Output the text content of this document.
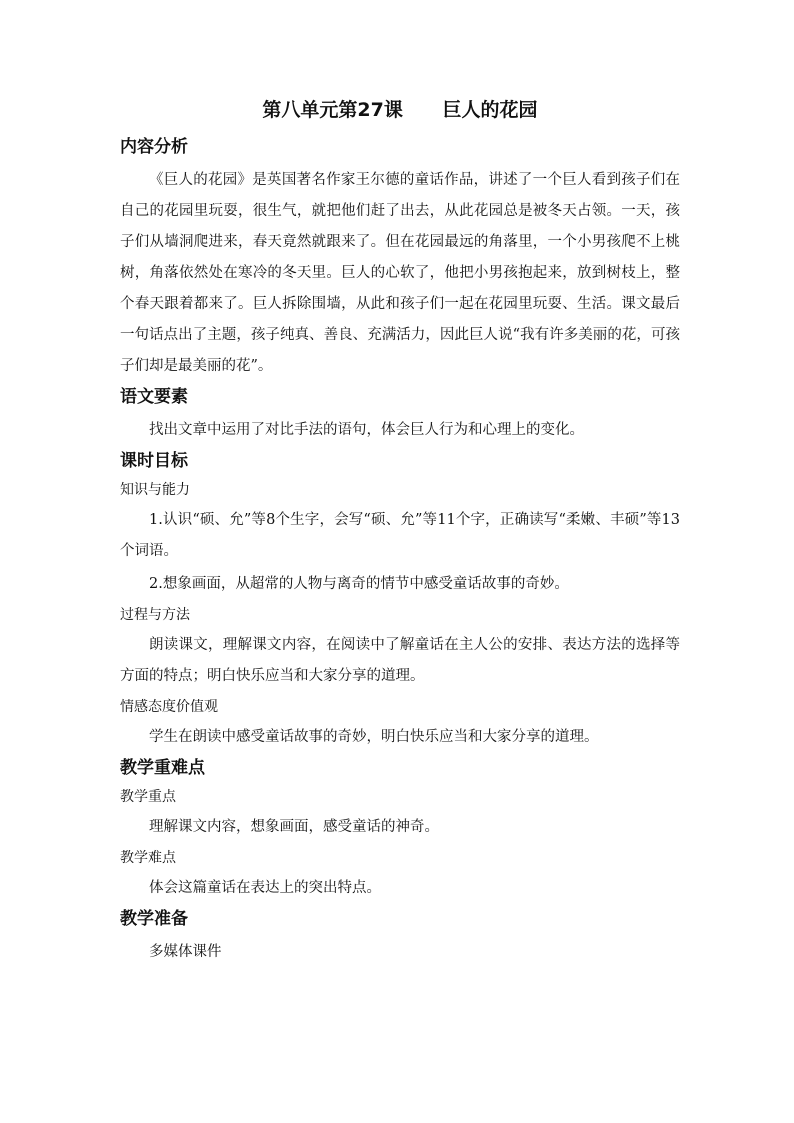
第八单元第27课      巨人的花园
内容分析
《巨人的花园》是英国著名作家王尔德的童话作品，讲述了一个巨人看到孩子们在自己的花园里玩耍，很生气，就把他们赶了出去，从此花园总是被冬天占领。一天，孩子们从墙洞爬进来，春天竟然就跟来了。但在花园最远的角落里，一个小男孩爬不上桃树，角落依然处在寒冷的冬天里。巨人的心软了，他把小男孩抱起来，放到树枝上，整个春天跟着都来了。巨人拆除围墙，从此和孩子们一起在花园里玩耍、生活。课文最后一句话点出了主题，孩子纯真、善良、充满活力，因此巨人说“我有许多美丽的花，可孩子们却是最美丽的花”。
语文要素
找出文章中运用了对比手法的语句，体会巨人行为和心理上的变化。
课时目标
知识与能力
1.认识“硕、允”等8个生字，会写“硕、允”等11个字，正确读写“柔嫩、丰硕”等13个词语。
2.想象画面，从超常的人物与离奇的情节中感受童话故事的奇妙。
过程与方法
朗读课文，理解课文内容，在阅读中了解童话在主人公的安排、表达方法的选择等方面的特点；明白快乐应当和大家分享的道理。
情感态度价值观
学生在朗读中感受童话故事的奇妙，明白快乐应当和大家分享的道理。
教学重难点
教学重点
理解课文内容，想象画面，感受童话的神奇。
教学难点
体会这篇童话在表达上的突出特点。
教学准备
多媒体课件
